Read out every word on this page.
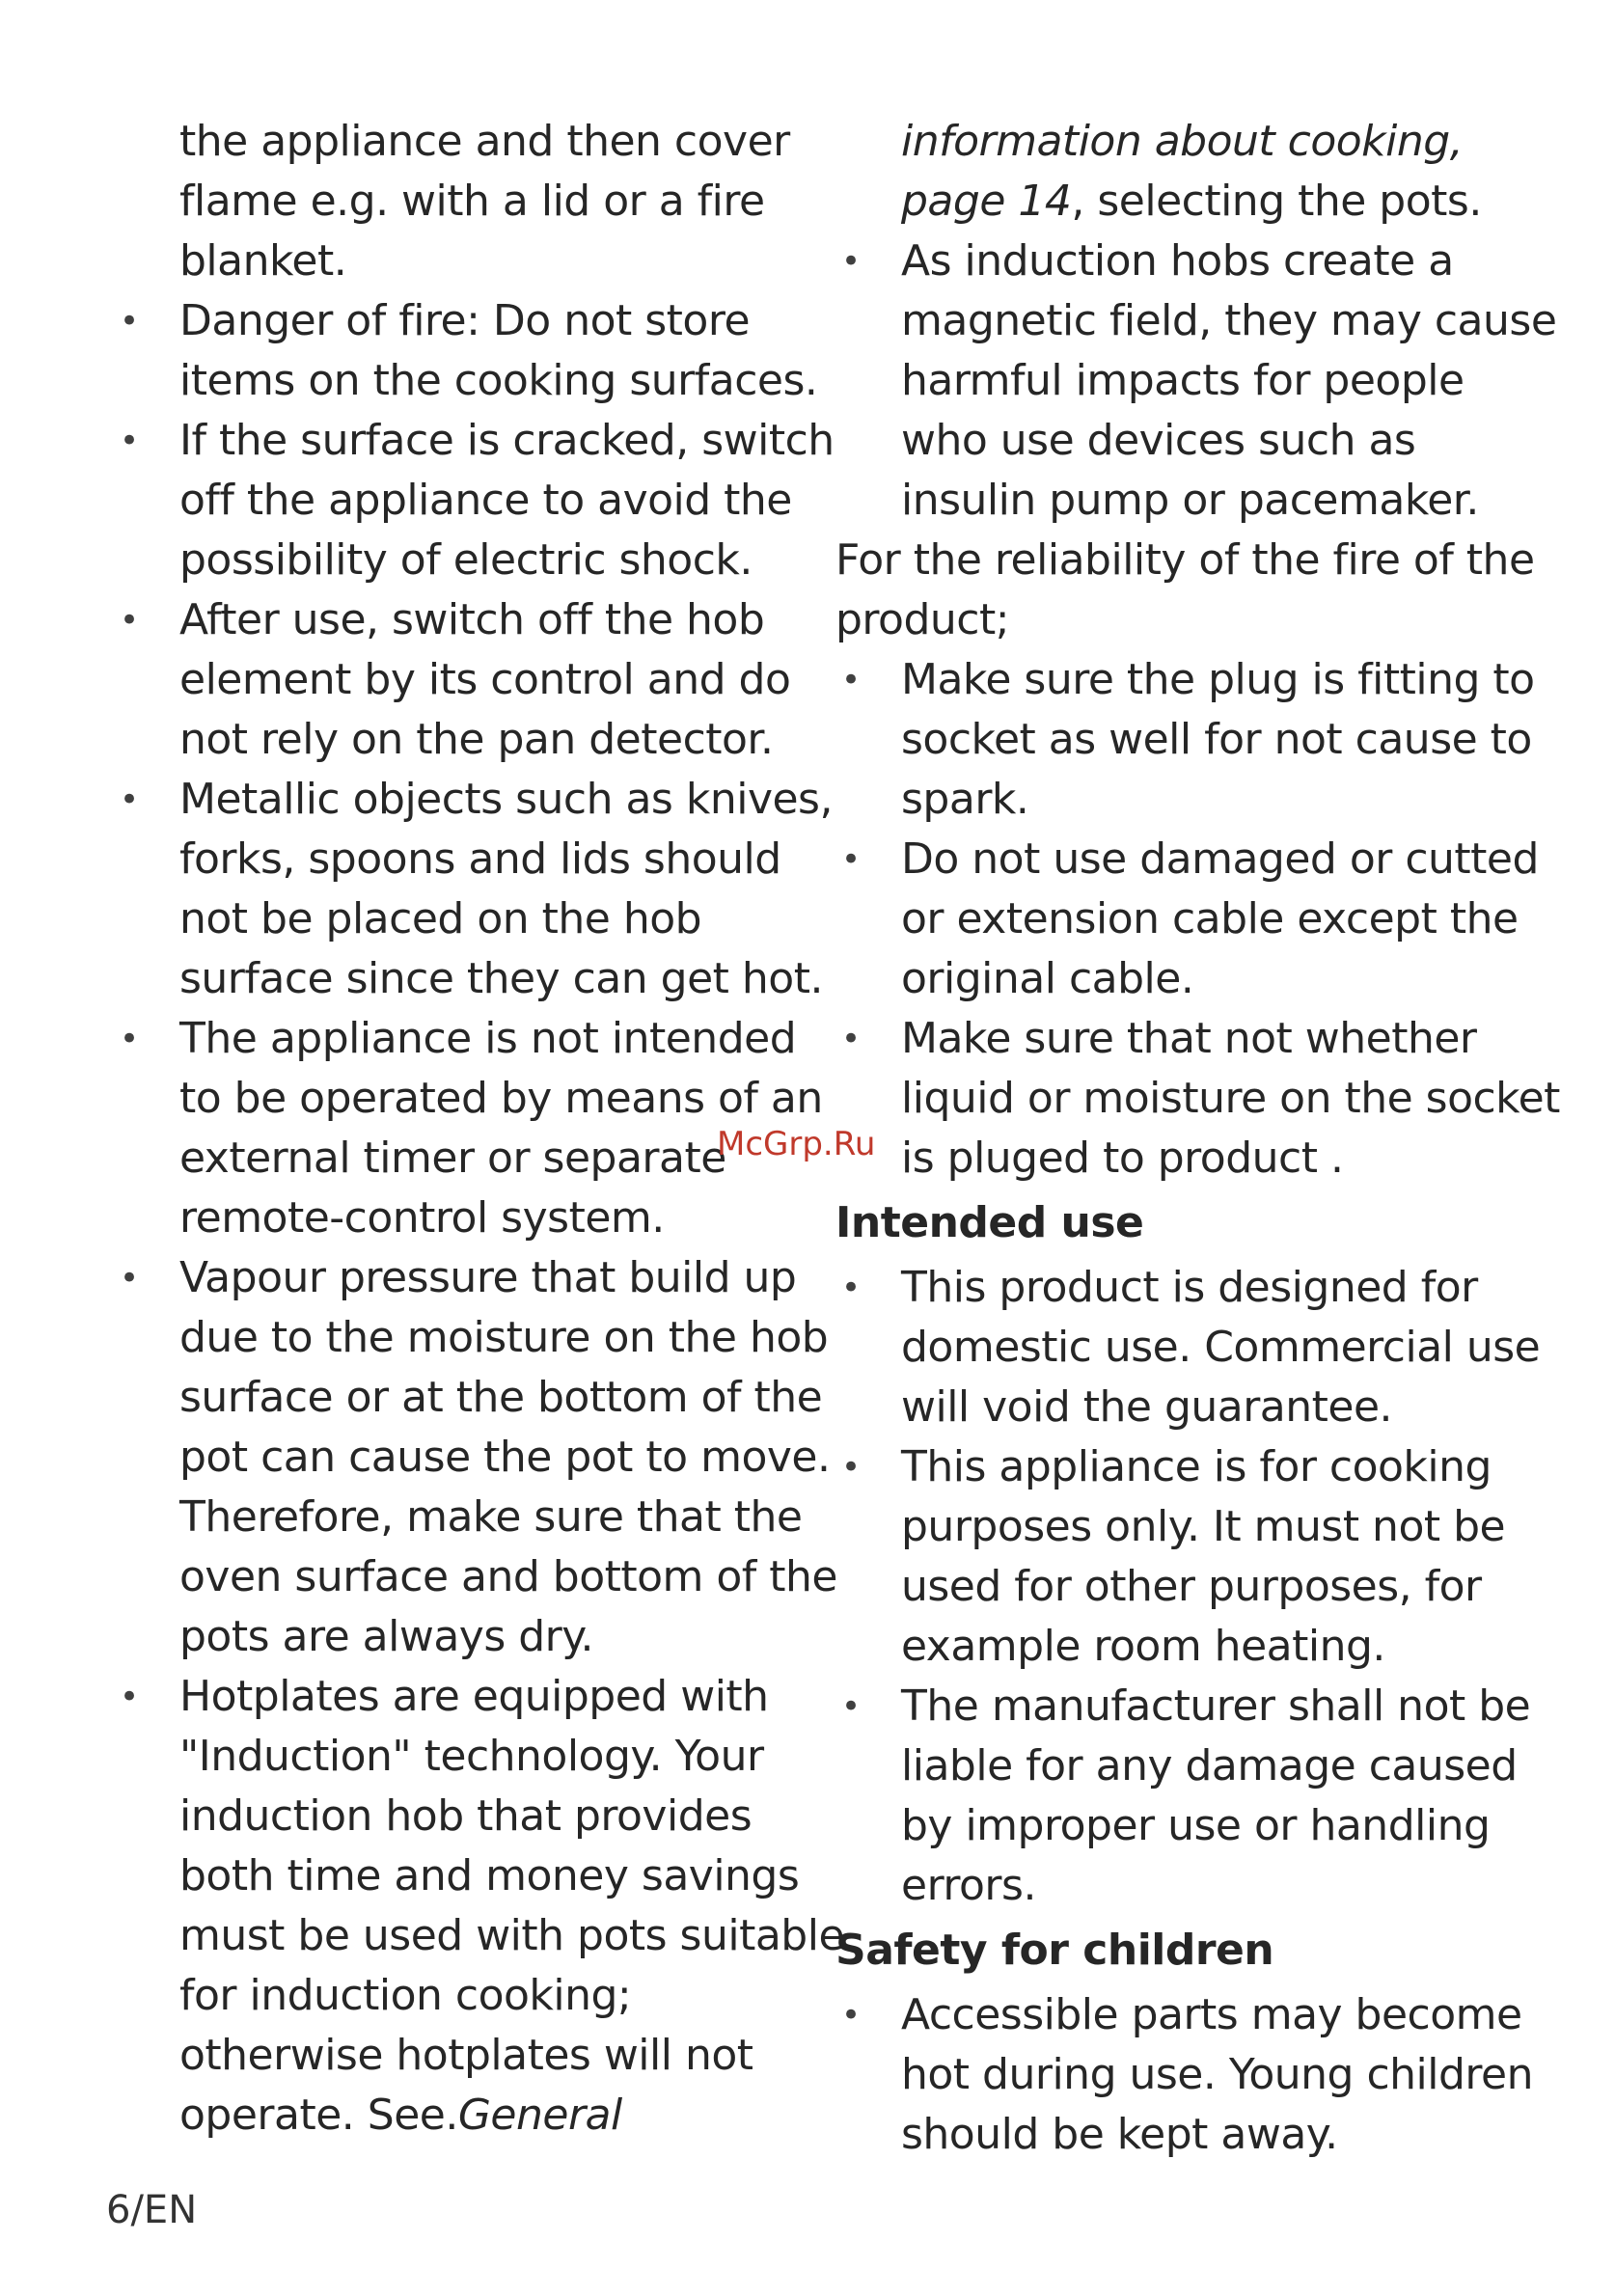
the appliance and then cover
flame e.g. with a lid or a fire
blanket.
• Danger of fire: Do not store
items on the cooking surfaces.
• If the surface is cracked, switch
off the appliance to avoid the
possibility of electric shock.
• After use, switch off the hob
element by its control and do
not rely on the pan detector.
• Metallic objects such as knives,
forks, spoons and lids should
not be placed on the hob
surface since they can get hot.
• The appliance is not intended
to be operated by means of an
external timer or separate
remote-control system.
• Vapour pressure that build up
due to the moisture on the hob
surface or at the bottom of the
pot can cause the pot to move.
Therefore, make sure that the
oven surface and bottom of the
pots are always dry.
• Hotplates are equipped with
"Induction" technology. Your
induction hob that provides
both time and money savings
must be used with pots suitable
for induction cooking;
otherwise hotplates will not
operate. See.General
information about cooking,
page 14, selecting the pots.
• As induction hobs create a
magnetic field, they may cause
harmful impacts for people
who use devices such as
insulin pump or pacemaker.
For the reliability of the fire of the
product;
• Make sure the plug is fitting to
socket as well for not cause to
spark.
• Do not use damaged or cutted
or extension cable except the
original cable.
• Make sure that not whether
liquid or moisture on the socket
is pluged to product .
Intended use
• This product is designed for
domestic use. Commercial use
will void the guarantee.
• This appliance is for cooking
purposes only. It must not be
used for other purposes, for
example room heating.
• The manufacturer shall not be
liable for any damage caused
by improper use or handling
errors.
Safety for children
• Accessible parts may become
hot during use. Young children
should be kept away.
McGrp.Ru
6/EN
